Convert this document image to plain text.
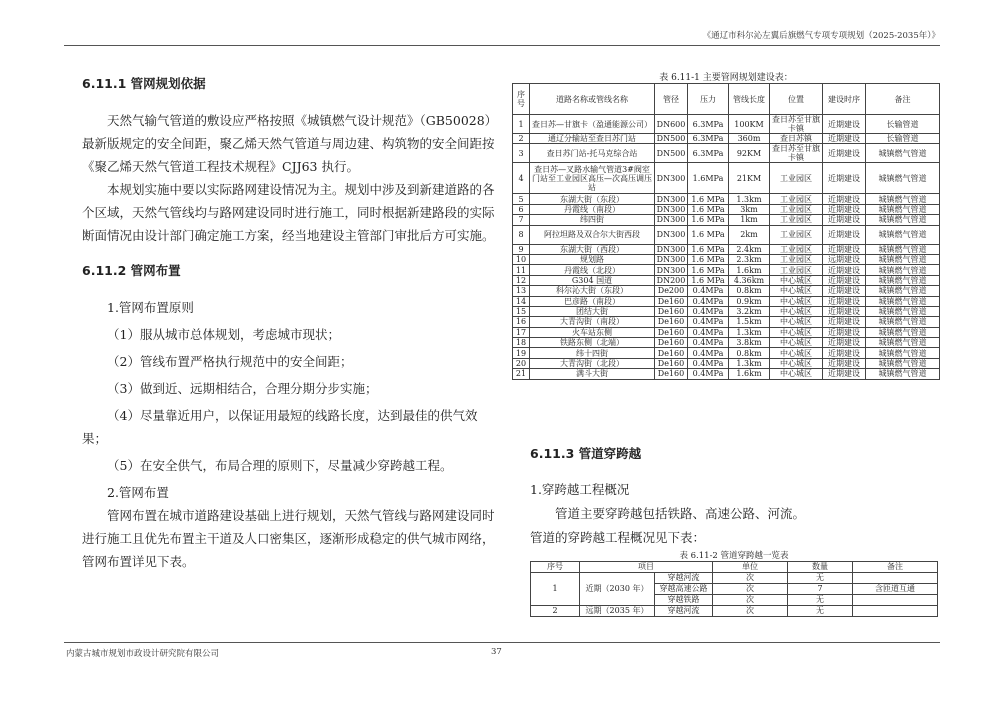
《通辽市科尔沁左翼后旗燃气专项专项规划（2025-2035年）》

6.11.1 管网规划依据

天然气输气管道的敷设应严格按照《城镇燃气设计规范》（GB50028）最新版规定的安全间距，聚乙烯天然气管道与周边建、构筑物的安全间距按《聚乙烯天然气管道工程技术规程》CJJ63 执行。

本规划实施中要以实际路网建设情况为主。规划中涉及到新建道路的各个区域，天然气管线均与路网建设同时进行施工，同时根据新建路段的实际断面情况由设计部门确定施工方案，经当地建设主管部门审批后方可实施。

6.11.2 管网布置

1.管网布置原则

（1）服从城市总体规划，考虑城市现状；

（2）管线布置严格执行规范中的安全间距；

（3）做到近、远期相结合，合理分期分步实施；

（4）尽量靠近用户，以保证用最短的线路长度，达到最佳的供气效果；

（5）在安全供气，布局合理的原则下，尽量减少穿跨越工程。

2.管网布置

管网布置在城市道路建设基础上进行规划，天然气管线与路网建设同时进行施工且优先布置主干道及人口密集区，逐渐形成稳定的供气城市网络，管网布置详见下表。

表 6.11-1 主要管网规划建设表：
序号	道路名称或管线名称	管径	压力	管线长度	位置	建设时序	备注
1	查日苏—甘旗卡（盈通能源公司）	DN600	6.3MPa	100KM	查日苏至甘旗卡镇	近期建设	长输管道
2	通辽分输站至查日苏门站	DN500	6.3MPa	360m	查日苏镇	近期建设	长输管道
3	查日苏门站-托马克综合站	DN500	6.3MPa	92KM	查日苏至甘旗卡镇	近期建设	城镇燃气管道
4	查日苏—叉路水输气管道3#阀室门站至工业园区高压—次高压调压站	DN300	1.6MPa	21KM	工业园区	近期建设	城镇燃气管道
5	东湖大街（东段）	DN300	1.6 MPa	1.3km	工业园区	近期建设	城镇燃气管道
6	丹霞线（南段）	DN300	1.6 MPa	3km	工业园区	近期建设	城镇燃气管道
7	纬四街	DN300	1.6 MPa	1km	工业园区	近期建设	城镇燃气管道
8	阿拉坦路及双合尔大街西段	DN300	1.6 MPa	2km	工业园区	近期建设	城镇燃气管道
9	东湖大街（西段）	DN300	1.6 MPa	2.4km	工业园区	近期建设	城镇燃气管道
10	规划路	DN300	1.6 MPa	2.3km	工业园区	远期建设	城镇燃气管道
11	丹霞线（北段）	DN300	1.6 MPa	1.6km	工业园区	近期建设	城镇燃气管道
12	G304 国道	DN200	1.6 MPa	4.36km	中心城区	近期建设	城镇燃气管道
13	科尔沁大街（东段）	De200	0.4MPa	0.8km	中心城区	近期建设	城镇燃气管道
14	巴彦路（南段）	De160	0.4MPa	0.9km	中心城区	近期建设	城镇燃气管道
15	团结大街	De160	0.4MPa	3.2km	中心城区	近期建设	城镇燃气管道
16	大青沟街（南段）	De160	0.4MPa	1.5km	中心城区	近期建设	城镇燃气管道
17	火车站东侧	De160	0.4MPa	1.3km	中心城区	近期建设	城镇燃气管道
18	铁路东侧（北端）	De160	0.4MPa	3.8km	中心城区	近期建设	城镇燃气管道
19	纬十四街	De160	0.4MPa	0.8km	中心城区	近期建设	城镇燃气管道
20	大青沟街（北段）	De160	0.4MPa	1.3km	中心城区	近期建设	城镇燃气管道
21	满斗大街	De160	0.4MPa	1.6km	中心城区	近期建设	城镇燃气管道

6.11.3 管道穿跨越

1.穿跨越工程概况

管道主要穿跨越包括铁路、高速公路、河流。

管道的穿跨越工程概况见下表：

表 6.11-2 管道穿跨越一览表
序号	项目		单位	数量	备注
1	近期（2030 年）	穿越河流	次	无	
		穿越高速公路	次	7	含匝道互通
		穿越铁路	次	无	
2	远期（2035 年）	穿越河流	次	无	
内蒙古城市规划市政设计研究院有限公司	37
